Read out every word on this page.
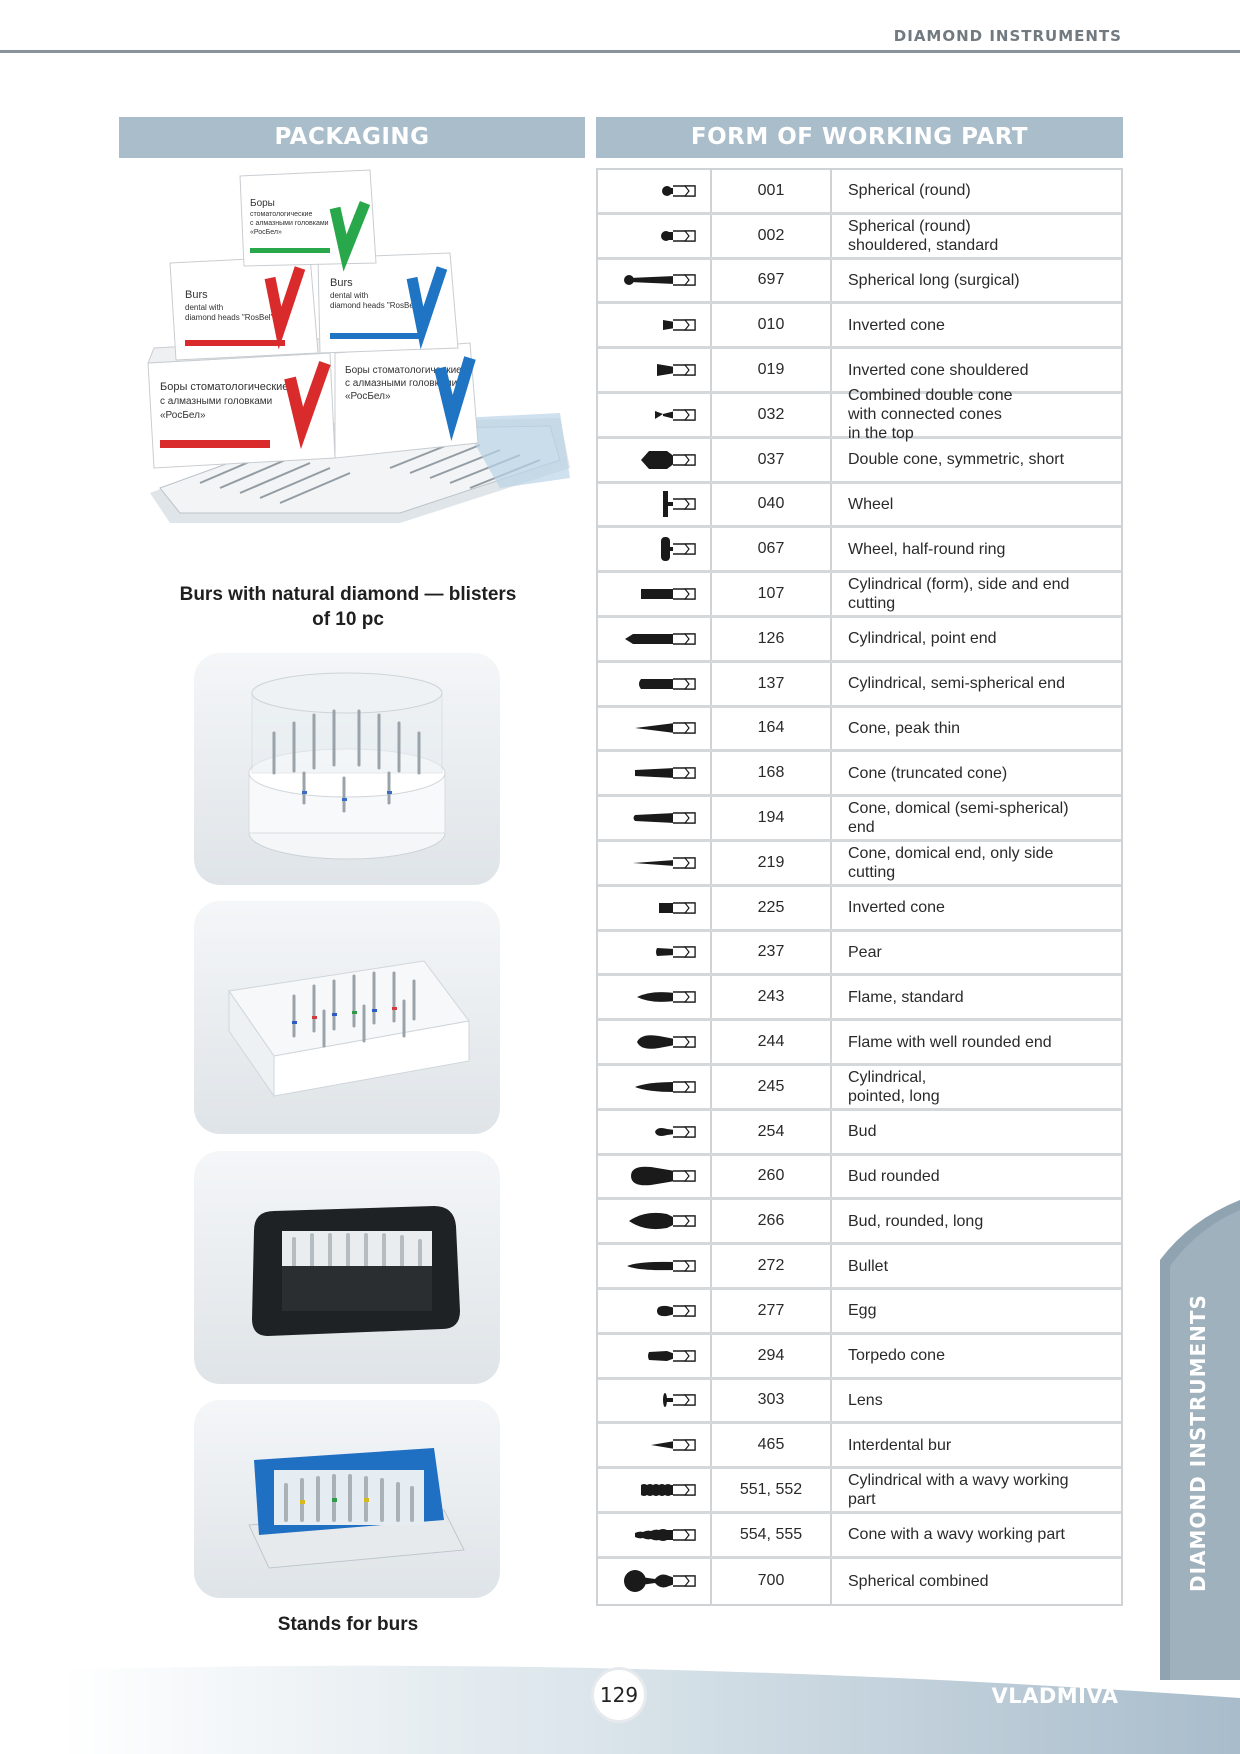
DIAMOND INSTRUMENTS
PACKAGING	FORM OF WORKING PART
Боры стоматологические
с алмазными головками
«РосБел»
Боры стоматологические
с алмазными головками
«РосБел»
Burs
dental with
diamond heads "RosBel"
Burs
dental with
diamond heads "RosBel"
Боры
стоматологические
с алмазными головками
«РосБел»
Burs with natural diamond — blisters of 10 pc
Stands for burs
001	Spherical (round)
002
Spherical (round)
shouldered, standard
697	Spherical long (surgical)
010	Inverted cone
019	Inverted cone shouldered
032
Combined double cone
with connected cones
in the top
037	Double cone, symmetric, short
040	Wheel
067	Wheel, half-round ring
107
Cylindrical (form), side and end
cutting
126	Cylindrical, point end
137	Cylindrical, semi-spherical end
164	Cone, peak thin
168	Cone (truncated cone)
194
Cone, domical (semi-spherical)
end
219
Cone, domical end, only side
cutting
225	Inverted cone
237	Pear
243	Flame, standard
244	Flame with well rounded end
245
Cylindrical,
pointed, long
254	Bud
260	Bud rounded
266	Bud, rounded, long
272	Bullet
277	Egg
294	Torpedo cone
303	Lens
465	Interdental bur
551, 552
Cylindrical with a wavy working
part
554, 555	Cone with a wavy working part
700	Spherical combined	DIAMOND INSTRUMENTS
129	VLADMIVA
